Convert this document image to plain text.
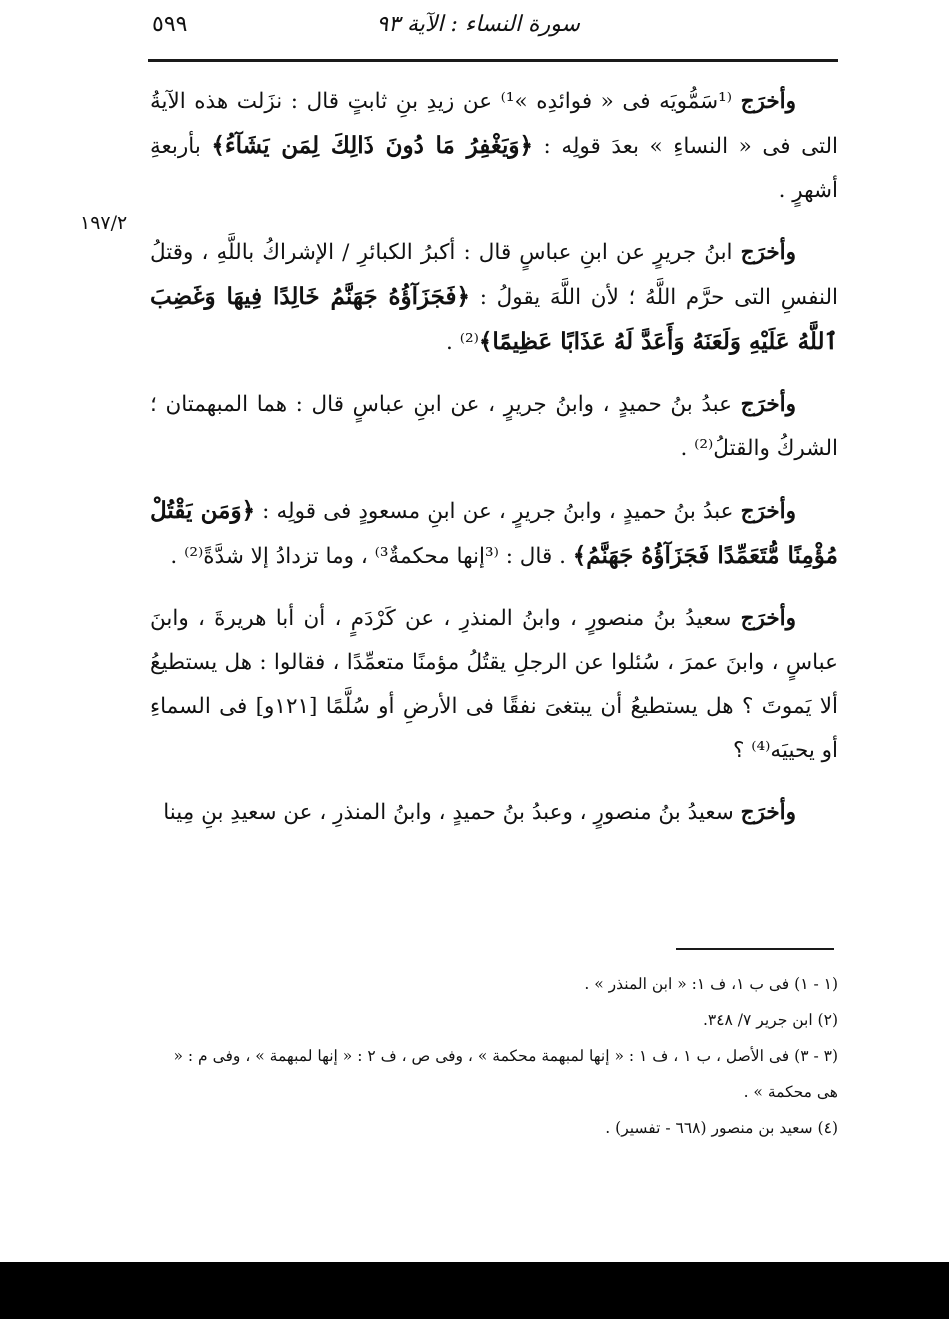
٥٩٩	سورة النساء : الآية ٩٣
١٩٧/٢

وأخرَج ⁽¹سَمُّويَه فى « فوائدِه »¹⁾ عن زيدِ بنِ ثابتٍ قال : نزَلت هذه الآيةُ التى فى « النساءِ » بعدَ قولِه : ﴿وَيَغْفِرُ مَا دُونَ ذَالِكَ لِمَن يَشَآءُ﴾ بأربعةِ أشهرٍ .

وأخرَج ابنُ جريرٍ عن ابنِ عباسٍ قال : أكبرُ الكبائرِ / الإشراكُ باللَّهِ ، وقتلُ النفسِ التى حرَّم اللَّهُ ؛ لأن اللَّهَ يقولُ : ﴿فَجَزَآؤُهُ جَهَنَّمُ خَالِدًا فِيهَا وَغَضِبَ ٱللَّهُ عَلَيْهِ وَلَعَنَهُ وَأَعَدَّ لَهُ عَذَابًا عَظِيمًا﴾⁽²⁾ .

وأخرَج عبدُ بنُ حميدٍ ، وابنُ جريرٍ ، عن ابنِ عباسٍ قال : هما المبهمتان ؛ الشركُ والقتلُ⁽²⁾ .

وأخرَج عبدُ بنُ حميدٍ ، وابنُ جريرٍ ، عن ابنِ مسعودٍ فى قولِه : ﴿وَمَن يَقْتُلْ مُؤْمِنًا مُّتَعَمِّدًا فَجَزَآؤُهُ جَهَنَّمُ﴾ . قال : ⁽³إنها محكمةٌ³⁾ ، وما تزدادُ إلا شدَّةً⁽²⁾ .

وأخرَج سعيدُ بنُ منصورٍ ، وابنُ المنذرِ ، عن كَرْدَمٍ ، أن أبا هريرةَ ، وابنَ عباسٍ ، وابنَ عمرَ ، سُئلوا عن الرجلِ يقتُلُ مؤمنًا متعمِّدًا ، فقالوا : هل يستطيعُ ألا يَموتَ ؟ هل يستطيعُ أن يبتغىَ نفقًا فى الأرضِ أو سُلَّمًا [١٢١و] فى السماءِ أو يحييَه⁽⁴⁾ ؟

وأخرَج سعيدُ بنُ منصورٍ ، وعبدُ بنُ حميدٍ ، وابنُ المنذرِ ، عن سعيدِ بنِ مِينا

(١ - ١) فى ب ١، ف ١: « ابن المنذر » .

(٢) ابن جرير ٧/ ٣٤٨.

(٣ - ٣) فى الأصل ، ب ١ ، ف ١ : « إنها لمبهمة محكمة » ، وفى ص ، ف ٢ : « إنها لمبهمة » ، وفى م : « هى محكمة » .

(٤) سعيد بن منصور (٦٦٨ - تفسير) .
